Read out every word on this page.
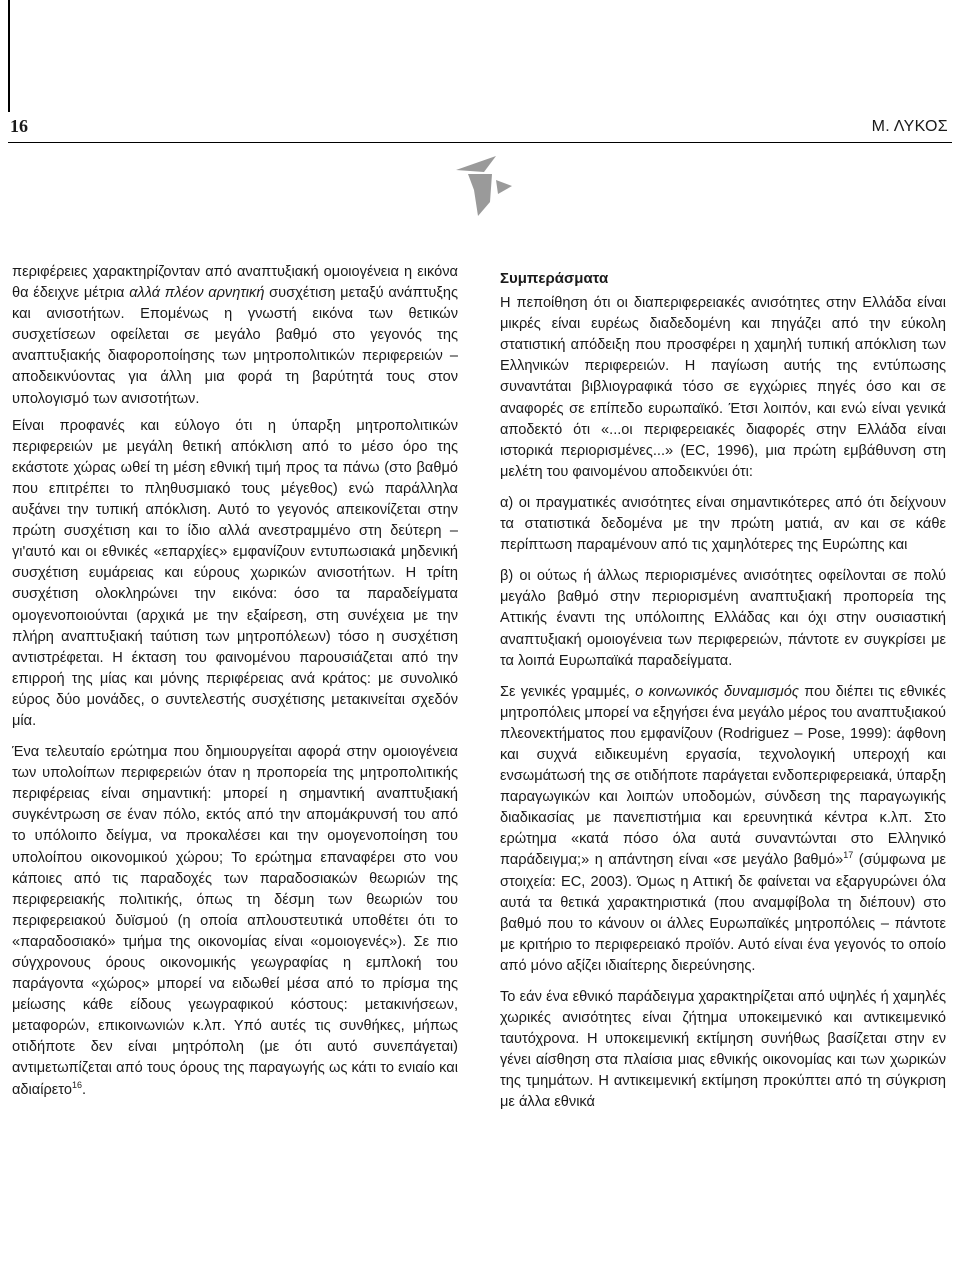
16	Μ. ΛΥΚΟΣ

περιφέρειες χαρακτηρίζονταν από αναπτυξιακή ομοιογένεια η εικόνα θα έδειχνε μέτρια αλλά πλέον αρνητική συσχέτιση μεταξύ ανάπτυξης και ανισοτήτων. Επομένως η γνωστή εικόνα των θετικών συσχετίσεων οφείλεται σε μεγάλο βαθμό στο γεγονός της αναπτυξιακής διαφοροποίησης των μητροπολιτικών περιφερειών – αποδεικνύοντας για άλλη μια φορά τη βαρύτητά τους στον υπολογισμό των ανισοτήτων.

Είναι προφανές και εύλογο ότι η ύπαρξη μητροπολιτικών περιφερειών με μεγάλη θετική απόκλιση από το μέσο όρο της εκάστοτε χώρας ωθεί τη μέση εθνική τιμή προς τα πάνω (στο βαθμό που επιτρέπει το πληθυσμιακό τους μέγεθος) ενώ παράλληλα αυξάνει την τυπική απόκλιση. Αυτό το γεγονός απεικονίζεται στην πρώτη συσχέτιση και το ίδιο αλλά ανεστραμμένο στη δεύτερη – γι'αυτό και οι εθνικές «επαρχίες» εμφανίζουν εντυπωσιακά μηδενική συσχέτιση ευμάρειας και εύρους χωρικών ανισοτήτων. Η τρίτη συσχέτιση ολοκληρώνει την εικόνα: όσο τα παραδείγματα ομογενοποιούνται (αρχικά με την εξαίρεση, στη συνέχεια με την πλήρη αναπτυξιακή ταύτιση των μητροπόλεων) τόσο η συσχέτιση αντιστρέφεται. Η έκταση του φαινομένου παρουσιάζεται από την επιρροή της μίας και μόνης περιφέρειας ανά κράτος: με συνολικό εύρος δύο μονάδες, ο συντελεστής συσχέτισης μετακινείται σχεδόν μία.

Ένα τελευταίο ερώτημα που δημιουργείται αφορά στην ομοιογένεια των υπολοίπων περιφερειών όταν η προπορεία της μητροπολιτικής περιφέρειας είναι σημαντική: μπορεί η σημαντική αναπτυξιακή συγκέντρωση σε έναν πόλο, εκτός από την απομάκρυνσή του από το υπόλοιπο δείγμα, να προκαλέσει και την ομογενοποίηση του υπολοίπου οικονομικού χώρου; Το ερώτημα επαναφέρει στο νου κάποιες από τις παραδοχές των παραδοσιακών θεωριών της περιφερειακής πολιτικής, όπως τη δέσμη των θεωριών του περιφερειακού δυϊσμού (η οποία απλουστευτικά υποθέτει ότι το «παραδοσιακό» τμήμα της οικονομίας είναι «ομοιογενές»). Σε πιο σύγχρονους όρους οικονομικής γεωγραφίας η εμπλοκή του παράγοντα «χώρος» μπορεί να ειδωθεί μέσα από το πρίσμα της μείωσης κάθε είδους γεωγραφικού κόστους: μετακινήσεων, μεταφορών, επικοινωνιών κ.λπ. Υπό αυτές τις συνθήκες, μήπως οτιδήποτε δεν είναι μητρόπολη (με ότι αυτό συνεπάγεται) αντιμετωπίζεται από τους όρους της παραγωγής ως κάτι το ενιαίο και αδιαίρετο$^{16}$.

Συμπεράσματα

Η πεποίθηση ότι οι διαπεριφερειακές ανισότητες στην Ελλάδα είναι μικρές είναι ευρέως διαδεδομένη και πηγάζει από την εύκολη στατιστική απόδειξη που προσφέρει η χαμηλή τυπική απόκλιση των Ελληνικών περιφερειών. Η παγίωση αυτής της εντύπωσης συναντάται βιβλιογραφικά τόσο σε εγχώριες πηγές όσο και σε αναφορές σε επίπεδο ευρωπαϊκό. Έτσι λοιπόν, και ενώ είναι γενικά αποδεκτό ότι «...οι περιφερειακές διαφορές στην Ελλάδα είναι ιστορικά περιορισμένες...» (EC, 1996), μια πρώτη εμβάθυνση στη μελέτη του φαινομένου αποδεικνύει ότι:

α) οι πραγματικές ανισότητες είναι σημαντικότερες από ότι δείχνουν τα στατιστικά δεδομένα με την πρώτη ματιά, αν και σε κάθε περίπτωση παραμένουν από τις χαμηλότερες της Ευρώπης και

β) οι ούτως ή άλλως περιορισμένες ανισότητες οφείλονται σε πολύ μεγάλο βαθμό στην περιορισμένη αναπτυξιακή προπορεία της Αττικής έναντι της υπόλοιπης Ελλάδας και όχι στην ουσιαστική αναπτυξιακή ομοιογένεια των περιφερειών, πάντοτε εν συγκρίσει με τα λοιπά Ευρωπαϊκά παραδείγματα.

Σε γενικές γραμμές, ο κοινωνικός δυναμισμός που διέπει τις εθνικές μητροπόλεις μπορεί να εξηγήσει ένα μεγάλο μέρος του αναπτυξιακού πλεονεκτήματος που εμφανίζουν (Rodriguez – Pose, 1999): άφθονη και συχνά ειδικευμένη εργασία, τεχνολογική υπεροχή και ενσωμάτωσή της σε οτιδήποτε παράγεται ενδοπεριφερειακά, ύπαρξη παραγωγικών και λοιπών υποδομών, σύνδεση της παραγωγικής διαδικασίας με πανεπιστήμια και ερευνητικά κέντρα κ.λπ. Στο ερώτημα «κατά πόσο όλα αυτά συναντώνται στο Ελληνικό παράδειγμα;» η απάντηση είναι «σε μεγάλο βαθμό»$^{17}$ (σύμφωνα με στοιχεία: EC, 2003). Όμως η Αττική δε φαίνεται να εξαργυρώνει όλα αυτά τα θετικά χαρακτηριστικά (που αναμφίβολα τη διέπουν) στο βαθμό που το κάνουν οι άλλες Ευρωπαϊκές μητροπόλεις – πάντοτε με κριτήριο το περιφερειακό προϊόν. Αυτό είναι ένα γεγονός το οποίο από μόνο αξίζει ιδιαίτερης διερεύνησης.

Το εάν ένα εθνικό παράδειγμα χαρακτηρίζεται από υψηλές ή χαμηλές χωρικές ανισότητες είναι ζήτημα υποκειμενικό και αντικειμενικό ταυτόχρονα. Η υποκειμενική εκτίμηση συνήθως βασίζεται στην εν γένει αίσθηση στα πλαίσια μιας εθνικής οικονομίας και των χωρικών της τμημάτων. Η αντικειμενική εκτίμηση προκύπτει από τη σύγκριση με άλλα εθνικά
